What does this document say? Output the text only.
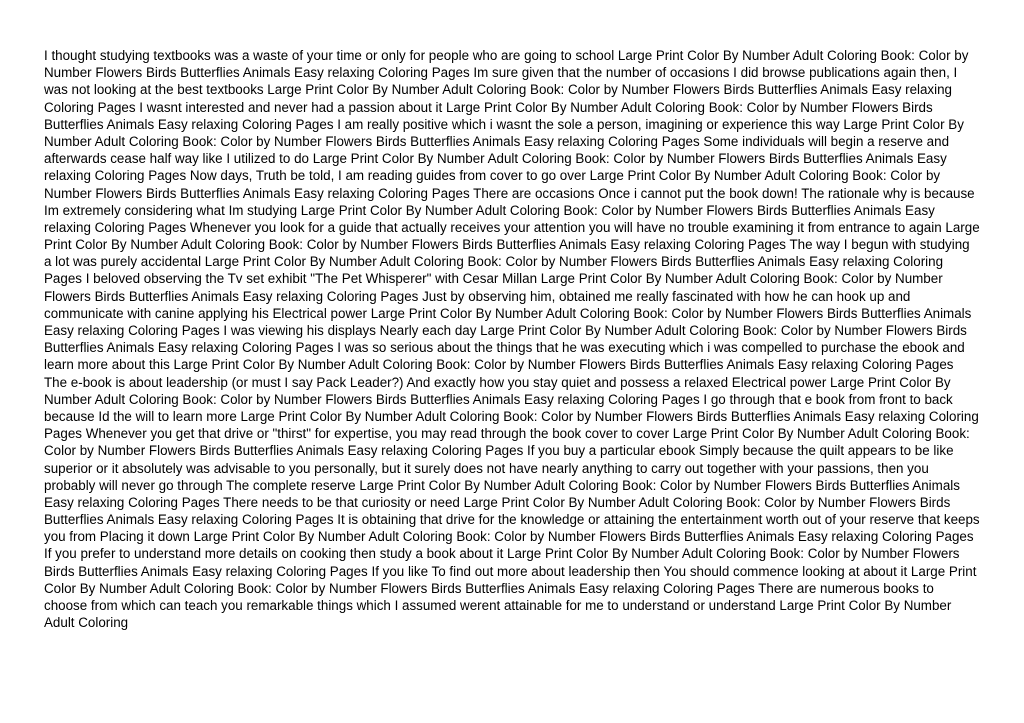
I thought studying textbooks was a waste of your time or only for people who are going to school Large Print Color By Number Adult Coloring Book: Color by Number Flowers Birds Butterflies Animals Easy relaxing Coloring Pages Im sure given that the number of occasions I did browse publications again then, I was not looking at the best textbooks Large Print Color By Number Adult Coloring Book: Color by Number Flowers Birds Butterflies Animals Easy relaxing Coloring Pages I wasnt interested and never had a passion about it Large Print Color By Number Adult Coloring Book: Color by Number Flowers Birds Butterflies Animals Easy relaxing Coloring Pages I am really positive which i wasnt the sole a person, imagining or experience this way Large Print Color By Number Adult Coloring Book: Color by Number Flowers Birds Butterflies Animals Easy relaxing Coloring Pages Some individuals will begin a reserve and afterwards cease half way like I utilized to do Large Print Color By Number Adult Coloring Book: Color by Number Flowers Birds Butterflies Animals Easy relaxing Coloring Pages Now days, Truth be told, I am reading guides from cover to go over Large Print Color By Number Adult Coloring Book: Color by Number Flowers Birds Butterflies Animals Easy relaxing Coloring Pages There are occasions Once i cannot put the book down! The rationale why is because Im extremely considering what Im studying Large Print Color By Number Adult Coloring Book: Color by Number Flowers Birds Butterflies Animals Easy relaxing Coloring Pages Whenever you look for a guide that actually receives your attention you will have no trouble examining it from entrance to again Large Print Color By Number Adult Coloring Book: Color by Number Flowers Birds Butterflies Animals Easy relaxing Coloring Pages The way I begun with studying a lot was purely accidental Large Print Color By Number Adult Coloring Book: Color by Number Flowers Birds Butterflies Animals Easy relaxing Coloring Pages I beloved observing the Tv set exhibit "The Pet Whisperer" with Cesar Millan Large Print Color By Number Adult Coloring Book: Color by Number Flowers Birds Butterflies Animals Easy relaxing Coloring Pages Just by observing him, obtained me really fascinated with how he can hook up and communicate with canine applying his Electrical power Large Print Color By Number Adult Coloring Book: Color by Number Flowers Birds Butterflies Animals Easy relaxing Coloring Pages I was viewing his displays Nearly each day Large Print Color By Number Adult Coloring Book: Color by Number Flowers Birds Butterflies Animals Easy relaxing Coloring Pages I was so serious about the things that he was executing which i was compelled to purchase the ebook and learn more about this Large Print Color By Number Adult Coloring Book: Color by Number Flowers Birds Butterflies Animals Easy relaxing Coloring Pages The e-book is about leadership (or must I say Pack Leader?) And exactly how you stay quiet and possess a relaxed Electrical power Large Print Color By Number Adult Coloring Book: Color by Number Flowers Birds Butterflies Animals Easy relaxing Coloring Pages I go through that e book from front to back because Id the will to learn more Large Print Color By Number Adult Coloring Book: Color by Number Flowers Birds Butterflies Animals Easy relaxing Coloring Pages Whenever you get that drive or "thirst" for expertise, you may read through the book cover to cover Large Print Color By Number Adult Coloring Book: Color by Number Flowers Birds Butterflies Animals Easy relaxing Coloring Pages If you buy a particular ebook Simply because the quilt appears to be like superior or it absolutely was advisable to you personally, but it surely does not have nearly anything to carry out together with your passions, then you probably will never go through The complete reserve Large Print Color By Number Adult Coloring Book: Color by Number Flowers Birds Butterflies Animals Easy relaxing Coloring Pages There needs to be that curiosity or need Large Print Color By Number Adult Coloring Book: Color by Number Flowers Birds Butterflies Animals Easy relaxing Coloring Pages It is obtaining that drive for the knowledge or attaining the entertainment worth out of your reserve that keeps you from Placing it down Large Print Color By Number Adult Coloring Book: Color by Number Flowers Birds Butterflies Animals Easy relaxing Coloring Pages If you prefer to understand more details on cooking then study a book about it Large Print Color By Number Adult Coloring Book: Color by Number Flowers Birds Butterflies Animals Easy relaxing Coloring Pages If you like To find out more about leadership then You should commence looking at about it Large Print Color By Number Adult Coloring Book: Color by Number Flowers Birds Butterflies Animals Easy relaxing Coloring Pages There are numerous books to choose from which can teach you remarkable things which I assumed werent attainable for me to understand or understand Large Print Color By Number Adult Coloring
